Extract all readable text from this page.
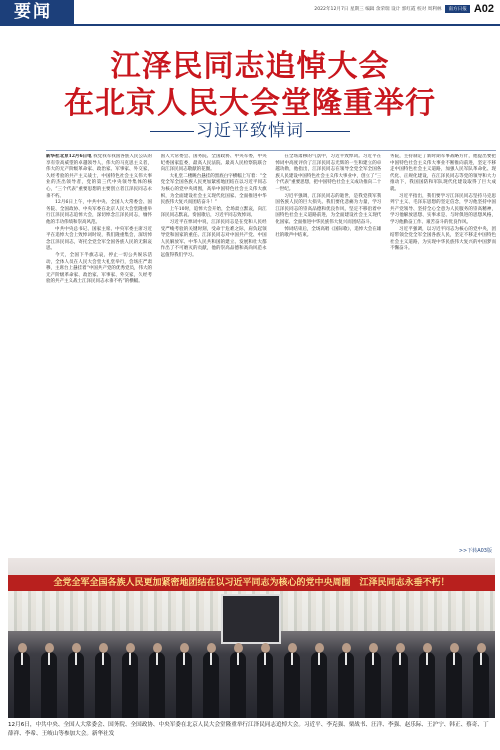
要闻	2022年12月7日 星期三 编辑 余荣瑞 设计 郭红霞 校对 周利林	南方日报 A02
江泽民同志追悼大会
在北京人民大会堂隆重举行
习近平致悼词

新华社北京12月6日电 我党我军我国各族人民公认的享有崇高威望的卓越领导人，伟大的马克思主义者，伟大的无产阶级革命家、政治家、军事家、外交家，久经考验的共产主义战士，中国特色社会主义伟大事业的杰出领导者，党的第三代中央领导集体的核心，“三个代表”重要思想的主要创立者江泽民同志永垂不朽。

12月6日上午，中共中央、全国人大常委会、国务院、全国政协、中央军委在北京人民大会堂隆重举行江泽民同志追悼大会，深切悼念江泽民同志，缅怀他的丰功伟绩和崇高风范。

中共中央总书记、国家主席、中央军委主席习近平在追悼大会上致悼词时说，我们隆重集会，深切悼念江泽民同志，寄托全党全军全国各族人民的无限哀思。

今天，全国下半旗志哀，停止一切公共娱乐活动，全体人员在人民大会堂大礼堂举行，会场庄严肃穆，主席台上悬挂着“中国共产党的优秀党员，伟大的无产阶级革命家、政治家、军事家、外交家，久经考验的共产主义战士江泽民同志永垂不朽”的横幅。

国人大常委会、国务院、全国政协、中央军委，中央纪委国家监委，最高人民法院、最高人民检察院联合向江泽民同志敬献的花圈。

大礼堂二楼眺台悬挂的黑底白字横幅上写着：“全党全军全国各族人民更加紧密地团结在以习近平同志为核心的党中央周围，高举中国特色社会主义伟大旗帜，为全面建设社会主义现代化国家、全面推进中华民族伟大复兴而团结奋斗！”

上午10时，追悼大会开始，全场肃立默哀，向江泽民同志默哀。奏国歌后，习近平同志致悼词。

习近平在悼词中说，江泽民同志是在党和人民经受严峻考验的关键时刻，受命于危难之际，肩负起领导党和国家的重任。江泽民同志对中国共产党、中国人民解放军、中华人民共和国的建立、发展和壮大都作出了不可磨灭的贡献，他的崇高品德和高尚风范永远值得我们学习。

在全场肃穆的气氛中，习近平致悼词。习近平在悼词中高度评价了江泽民同志光辉的一生和建立的卓越功勋，他指出，江泽民同志在领导全党全军全国各族人民建设中国特色社会主义伟大事业中，创立了“三个代表”重要思想，把中国特色社会主义成功推向二十一世纪。

习近平强调，江泽民同志的逝世，是我党我军我国各族人民的巨大损失。我们要化悲痛为力量，学习江泽民同志的崇高品德和优良作风，坚定不移沿着中国特色社会主义道路前进，为全面建设社会主义现代化国家、全面推进中华民族伟大复兴而团结奋斗。

悼词结束后，全场高唱《国际歌》，追悼大会在雄壮的歌声中结束。

务院，主持制定了新时期军事战略方针，他提出要把中国特色社会主义伟大事业不断推向前进，坚定不移走中国特色社会主义道路，加强人民军队革命化、现代化、正规化建设，在江泽民同志等党的领导和大力推动下，我国国防和军队现代化建设取得了巨大成就。

习近平指出，我们要学习江泽民同志坚持马克思列宁主义、毛泽东思想的坚定信念，学习他坚持中国共产党领导、坚持全心全意为人民服务的崇高精神，学习他解放思想、实事求是、与时俱进的思想风格，学习他勤奋工作、艰苦奋斗的优良作风。

习近平强调，以习近平同志为核心的党中央，团结带领全党全军全国各族人民，坚定不移走中国特色社会主义道路，为实现中华民族伟大复兴的中国梦而不懈奋斗。

>>下转A03版
全党全军全国各族人民更加紧密地团结在以习近平同志为核心的党中央周围　江泽民同志永垂不朽！
12月6日，中共中央、全国人大常委会、国务院、全国政协、中央军委在北京人民大会堂隆重举行江泽民同志追悼大会。习近平、李克强、栗战书、汪洋、李强、赵乐际、王沪宁、韩正、蔡奇、丁薛祥、李希、王岐山等参加大会。新华社发
